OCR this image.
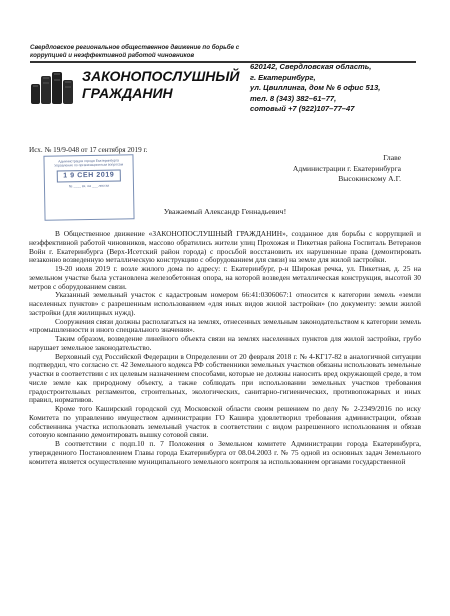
Свердловское региональное общественное движение по борьбе с коррупцией и неэффективной работой чиновников
ЗАКОНОПОСЛУШНЫЙ
ГРАЖДАНИН
620142, Свердловская область,
г. Екатеринбург,
ул. Цвиллинга, дом № 6 офис 513,
тел. 8 (343) 382–61–77,
сотовый +7 (922)107–77–47
Исх. № 19/9-048 от 17 сентября 2019 г.
Администрация города Екатеринбурга
Управление по организационным вопросам
1 9 СЕН 2019
№ ____ вх. на ___ листах
Главе
Администрации г. Екатеринбурга
Высокинскому А.Г.
Уважаемый Александр Геннадьевич!

В Общественное движение «ЗАКОНОПОСЛУШНЫЙ ГРАЖДАНИН», созданное для борьбы с коррупцией и неэффективной работой чиновников, массово обратились жители улиц Прохожая и Пикетная района Госпиталь Ветеранов Войн г. Екатеринбурга (Верх-Исетский район города) с просьбой восстановить их нарушенные права (демонтировать незаконно возведенную металлическую конструкцию с оборудованием для связи) на земле для жилой застройки.

19-20 июля 2019 г. возле жилого дома по адресу: г. Екатеринбург, р-н Широкая речка, ул. Пикетная, д. 25 на земельном участке была установлена железобетонная опора, на которой возведен металлическая конструкция, высотой 30 метров с оборудованием связи.

Указанный земельный участок с кадастровым номером 66:41:0306067:1 относится к категории земель «земли населенных пунктов» с разрешенным использованием «для иных видов жилой застройки» (по документу: земли жилой застройки (для жилищных нужд).

Сооружения связи должны располагаться на землях, отнесенных земельным законодательством к категории земель «промышленности и иного специального значения».

Таким образом, возведение линейного объекта связи на землях населенных пунктов для жилой застройки, грубо нарушает земельное законодательство.

Верховный суд Российской Федерации в Определении от 20 февраля 2018 г. № 4-КГ17-82 в аналогичной ситуации подтвердил, что согласно ст. 42 Земельного кодекса РФ собственники земельных участков обязаны использовать земельные участки в соответствии с их целевым назначением способами, которые не должны наносить вред окружающей среде, в том числе земле как природному объекту, а также соблюдать при использовании земельных участков требования градостроительных регламентов, строительных, экологических, санитарно-гигиенических, противопожарных и иных правил, нормативов.

Кроме того Каширский городской суд Московской области своим решением по делу № 2-2349/2016 по иску Комитета по управлению имуществом администрации ГО Кашира удовлетворил требования администрации, обязав собственника участка использовать земельный участок в соответствии с видом разрешенного использования и обязав сотовую компанию демонтировать вышку сотовой связи.

В соответствии с подп.10 п. 7 Положения о Земельном комитете Администрации города Екатеринбурга, утвержденного Постановлением Главы города Екатеринбурга от 08.04.2003 г. № 75 одной из основных задач Земельного комитета является осуществление муниципального земельного контроля за использованием органами государственной
